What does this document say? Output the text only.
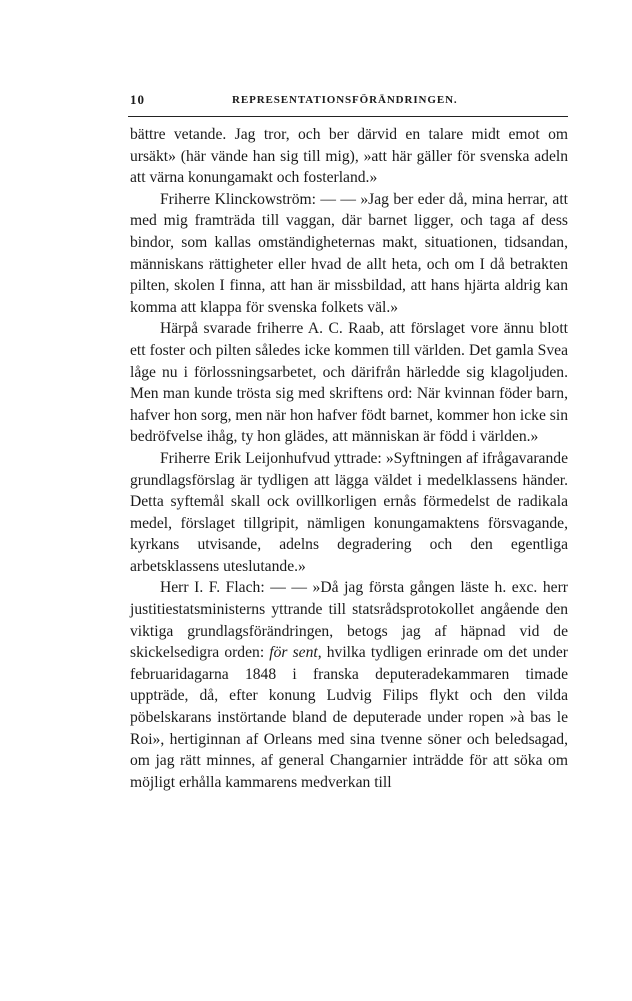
10	REPRESENTATIONSFÖRÄNDRINGEN.

bättre vetande. Jag tror, och ber därvid en talare midt emot om ursäkt» (här vände han sig till mig), »att här gäller för svenska adeln att värna konungamakt och fosterland.»

Friherre Klinckowström: — — »Jag ber eder då, mina herrar, att med mig framträda till vaggan, där barnet ligger, och taga af dess bindor, som kallas omständigheternas makt, situationen, tidsandan, människans rättigheter eller hvad de allt heta, och om I då betrakten pilten, skolen I finna, att han är missbildad, att hans hjärta aldrig kan komma att klappa för svenska folkets väl.»

Härpå svarade friherre A. C. Raab, att förslaget vore ännu blott ett foster och pilten således icke kommen till världen. Det gamla Svea låge nu i förlossningsarbetet, och därifrån härledde sig klagoljuden. Men man kunde trösta sig med skriftens ord: När kvinnan föder barn, hafver hon sorg, men när hon hafver födt barnet, kommer hon icke sin bedröfvelse ihåg, ty hon glädes, att människan är född i världen.»

Friherre Erik Leijonhufvud yttrade: »Syftningen af ifrågavarande grundlagsförslag är tydligen att lägga väldet i medelklassens händer. Detta syftemål skall ock ovillkorligen ernås förmedelst de radikala medel, förslaget tillgripit, nämligen konungamaktens försvagande, kyrkans utvisande, adelns degradering och den egentliga arbetsklassens uteslutande.»

Herr I. F. Flach: — — »Då jag första gången läste h. exc. herr justitiestatsministerns yttrande till statsrådsprotokollet angående den viktiga grundlagsförändringen, betogs jag af häpnad vid de skickelsedigra orden: för sent, hvilka tydligen erinrade om det under februaridagarna 1848 i franska deputeradekammaren timade uppträde, då, efter konung Ludvig Filips flykt och den vilda pöbelskarans instörtande bland de deputerade under ropen »à bas le Roi», hertiginnan af Orleans med sina tvenne söner och beledsagad, om jag rätt minnes, af general Changarnier inträdde för att söka om möjligt erhålla kammarens medverkan till
